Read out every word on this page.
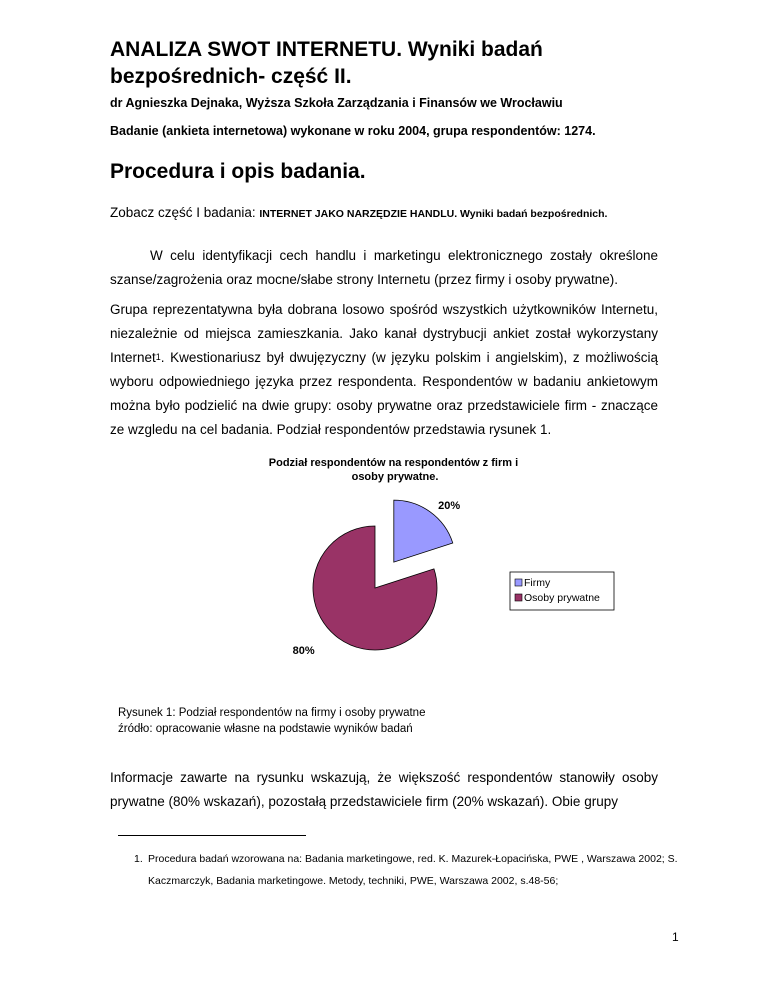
ANALIZA SWOT INTERNETU. Wyniki badań bezpośrednich- część II.

dr Agnieszka Dejnaka, Wyższa Szkoła Zarządzania i Finansów we Wrocławiu

Badanie (ankieta internetowa) wykonane w roku 2004, grupa respondentów: 1274.

Procedura i opis badania.
Zobacz część I badania: INTERNET JAKO NARZĘDZIE HANDLU. Wyniki badań bezpośrednich.

W celu identyfikacji cech handlu i marketingu elektronicznego zostały określone szanse/zagrożenia oraz mocne/słabe strony Internetu (przez firmy i osoby prywatne).

Grupa reprezentatywna była dobrana losowo spośród wszystkich użytkowników Internetu, niezależnie od miejsca zamieszkania. Jako kanał dystrybucji ankiet został wykorzystany Internet$^1$. Kwestionariusz był dwujęzyczny (w języku polskim i angielskim), z możliwością wyboru odpowiedniego języka przez respondenta. Respondentów w badaniu ankietowym można było podzielić na dwie grupy: osoby prywatne oraz przedstawiciele firm - znaczące ze wzgledu na cel badania. Podział respondentów przedstawia rysunek 1.

Podział respondentów na respondentów z firm i osoby prywatne.
20%
80%
Firmy
Osoby prywatne
Rysunek 1: Podział respondentów na firmy i osoby prywatne
źródło: opracowanie własne na podstawie wyników badań

Informacje zawarte na rysunku wskazują, że większość respondentów stanowiły osoby prywatne (80% wskazań), pozostałą przedstawiciele firm (20% wskazań). Obie grupy

1. Procedura badań wzorowana na: Badania marketingowe, red. K. Mazurek-Łopacińska, PWE , Warszawa 2002; S. Kaczmarczyk, Badania marketingowe. Metody, techniki, PWE, Warszawa 2002, s.48-56;

1
